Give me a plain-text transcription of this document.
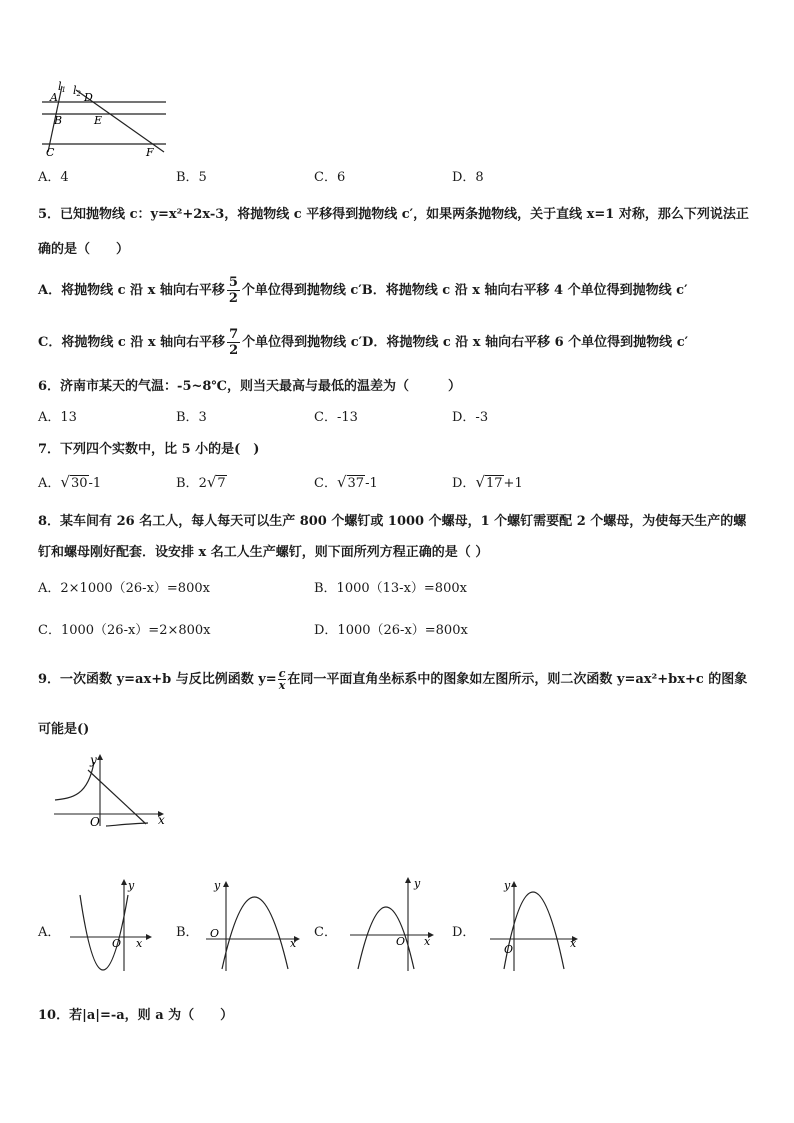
l1 l2
A D
B	E
C	F
A．4	B．5	C．6	D．8
5．已知抛物线 c：y=x²+2x-3，将抛物线 c 平移得到抛物线 c′，如果两条抛物线，关于直线 x=1 对称，那么下列说法正
确的是（　　）
A．将抛物线 c 沿 x 轴向右平移 $\frac{5}{2}$ 个单位得到抛物线 c′B．将抛物线 c 沿 x 轴向右平移 4 个单位得到抛物线 c′
C．将抛物线 c 沿 x 轴向右平移 $\frac{7}{2}$ 个单位得到抛物线 c′D．将抛物线 c 沿 x 轴向右平移 6 个单位得到抛物线 c′
6．济南市某天的气温：-5~8℃，则当天最高与最低的温差为（　　　）
A．13	B．3	C．-13	D．-3
7．下列四个实数中，比 5 小的是(　)
A．√30-1	B．2√7	C．√37-1	D．√17+1
8．某车间有 26 名工人，每人每天可以生产 800 个螺钉或 1000 个螺母，1 个螺钉需要配 2 个螺母，为使每天生产的螺
钉和螺母刚好配套．设安排 x 名工人生产螺钉，则下面所列方程正确的是（ ）
A．2×1000（26-x）=800x	B．1000（13-x）=800x
C．1000（26-x）=2×800x	D．1000（26-x）=800x
9．一次函数 y=ax+b 与反比例函数 $y= \frac{c}{x}$ 在同一平面直角坐标系中的图象如左图所示，则二次函数 y=ax²+bx+c 的图象
可能是()
x
y
O
A．
x
y
O
B．
x
y
O	C．
x
y
O
D．
x
y
O
10．若|a|=-a，则 a 为（　　）
